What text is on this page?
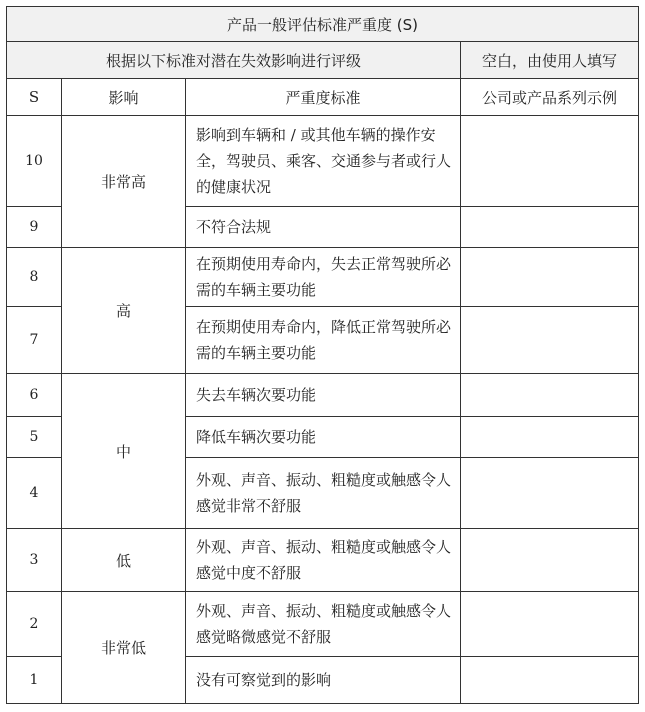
产品一般评估标准严重度 (S)			
根据以下标准对潜在失效影响进行评级			空白，由使用人填写
S	影响	严重度标准	公司或产品系列示例
10	非常高	影响到车辆和 / 或其他车辆的操作安全，驾驶员、乘客、交通参与者或行人的健康状况	
9		不符合法规	
8	高	在预期使用寿命内，失去正常驾驶所必需的车辆主要功能	
7		在预期使用寿命内，降低正常驾驶所必需的车辆主要功能	
6	中	失去车辆次要功能	
5		降低车辆次要功能	
4		外观、声音、振动、粗糙度或触感令人感觉非常不舒服	
3	低	外观、声音、振动、粗糙度或触感令人感觉中度不舒服	
2	非常低	外观、声音、振动、粗糙度或触感令人感觉略微感觉不舒服	
1		没有可察觉到的影响	
